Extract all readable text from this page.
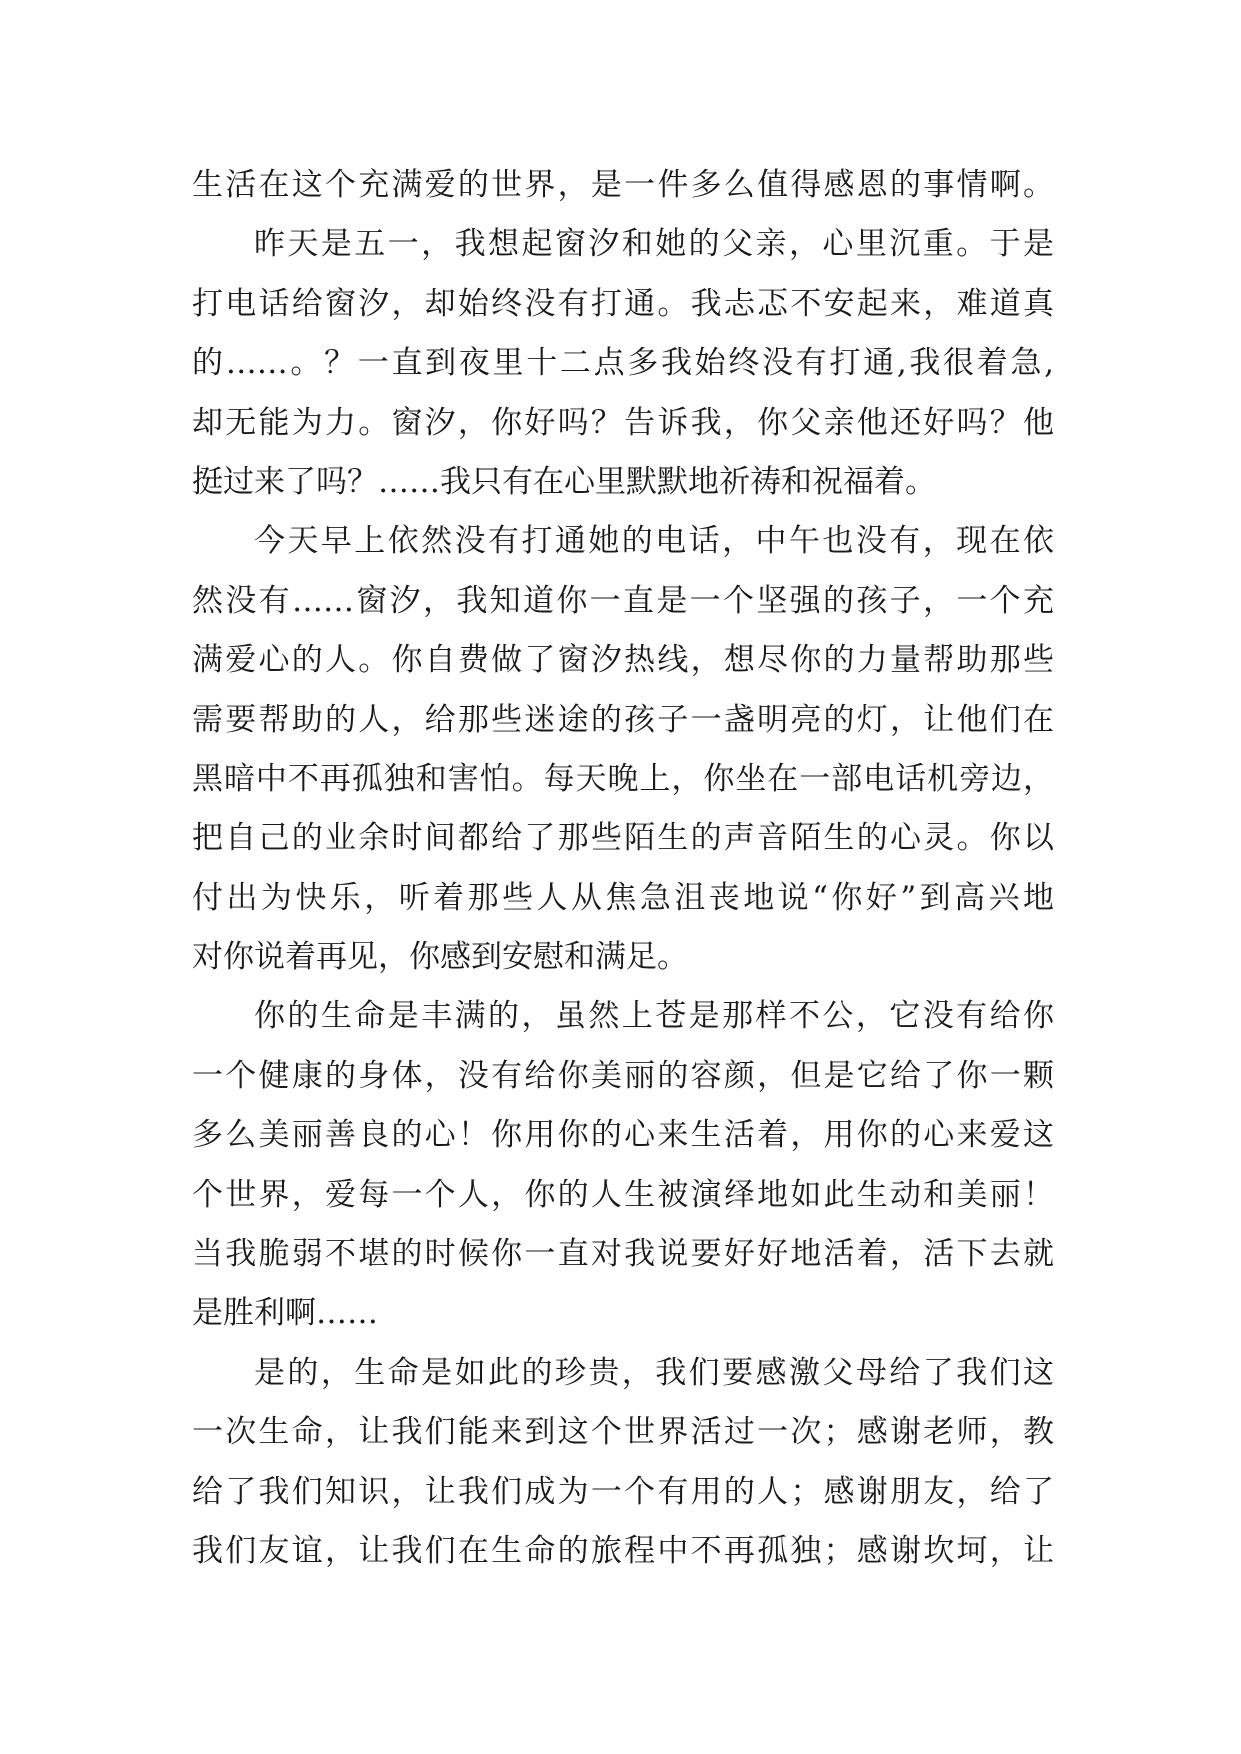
生活在这个充满爱的世界，是一件多么值得感恩的事情啊。
昨天是五一，我想起窗汐和她的父亲，心里沉重。于是
打电话给窗汐，却始终没有打通。我忐忑不安起来，难道真
的……。？一直到夜里十二点多我始终没有打通,我很着急,
却无能为力。窗汐，你好吗？告诉我，你父亲他还好吗？他
挺过来了吗？……我只有在心里默默地祈祷和祝福着。
今天早上依然没有打通她的电话，中午也没有，现在依
然没有……窗汐，我知道你一直是一个坚强的孩子，一个充
满爱心的人。你自费做了窗汐热线，想尽你的力量帮助那些
需要帮助的人，给那些迷途的孩子一盏明亮的灯，让他们在
黑暗中不再孤独和害怕。每天晚上，你坐在一部电话机旁边，
把自己的业余时间都给了那些陌生的声音陌生的心灵。你以
付出为快乐，听着那些人从焦急沮丧地说“你好”到高兴地
对你说着再见，你感到安慰和满足。
你的生命是丰满的，虽然上苍是那样不公，它没有给你
一个健康的身体，没有给你美丽的容颜，但是它给了你一颗
多么美丽善良的心！你用你的心来生活着，用你的心来爱这
个世界，爱每一个人，你的人生被演绎地如此生动和美丽！
当我脆弱不堪的时候你一直对我说要好好地活着，活下去就
是胜利啊……
是的，生命是如此的珍贵，我们要感激父母给了我们这
一次生命，让我们能来到这个世界活过一次；感谢老师，教
给了我们知识，让我们成为一个有用的人；感谢朋友，给了
我们友谊，让我们在生命的旅程中不再孤独；感谢坎坷，让
